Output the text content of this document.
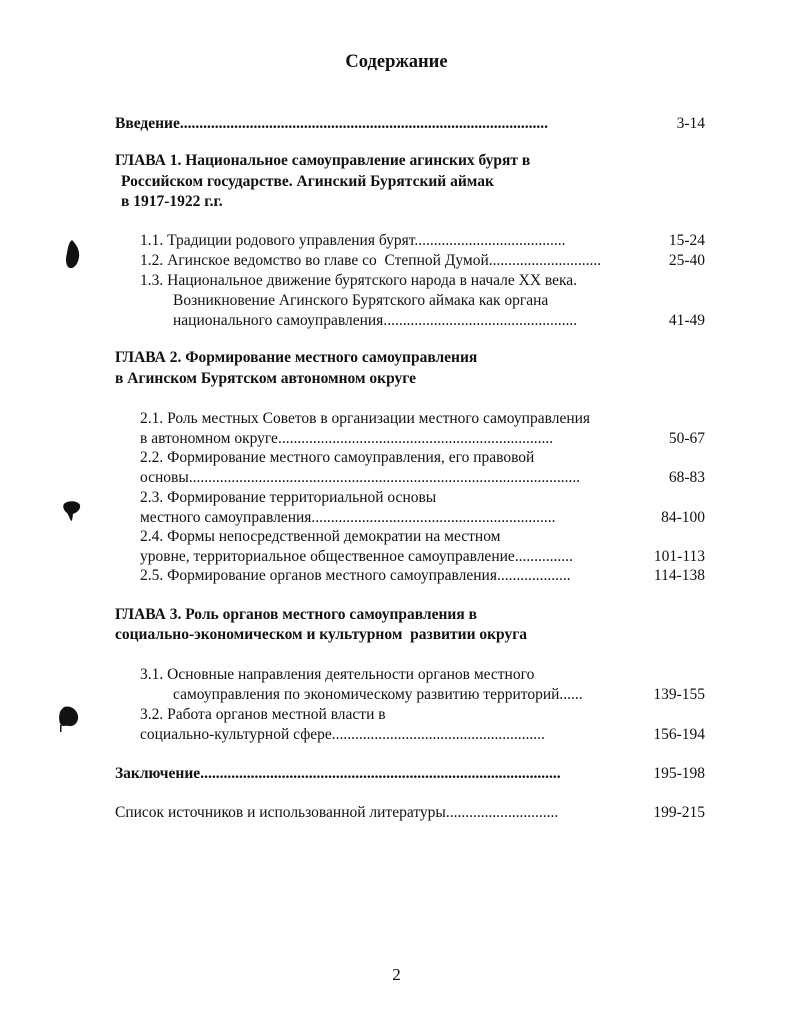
Содержание
Введение...............................................................................................	3-14
ГЛАВА 1. Национальное самоуправление агинских бурят в
Российском государстве. Агинский Бурятский аймак
в 1917-1922 г.г.
1.1. Традиции родового управления бурят.......................................	15-24
1.2. Агинское ведомство во главе со  Степной Думой.............................	25-40
1.3. Национальное движение бурятского народа в начале XX века.
Возникновение Агинского Бурятского аймака как органа
национального самоуправления..................................................	41-49
ГЛАВА 2. Формирование местного самоуправления
в Агинском Бурятском автономном округе
2.1. Роль местных Советов в организации местного самоуправления
в автономном округе.......................................................................	50-67
2.2. Формирование местного самоуправления, его правовой
основы.....................................................................................................	68-83
2.3. Формирование территориальной основы
местного самоуправления...............................................................	84-100
2.4. Формы непосредственной демократии на местном
уровне, территориальное общественное самоуправление...............	101-113
2.5. Формирование органов местного самоуправления...................	114-138
ГЛАВА 3. Роль органов местного самоуправления в
социально-экономическом и культурном  развитии округа
3.1. Основные направления деятельности органов местного
самоуправления по экономическому развитию территорий......	139-155
3.2. Работа органов местной власти в
социально-культурной сфере.......................................................	156-194
Заключение.............................................................................................	195-198
Список источников и использованной литературы.............................	199-215
2
